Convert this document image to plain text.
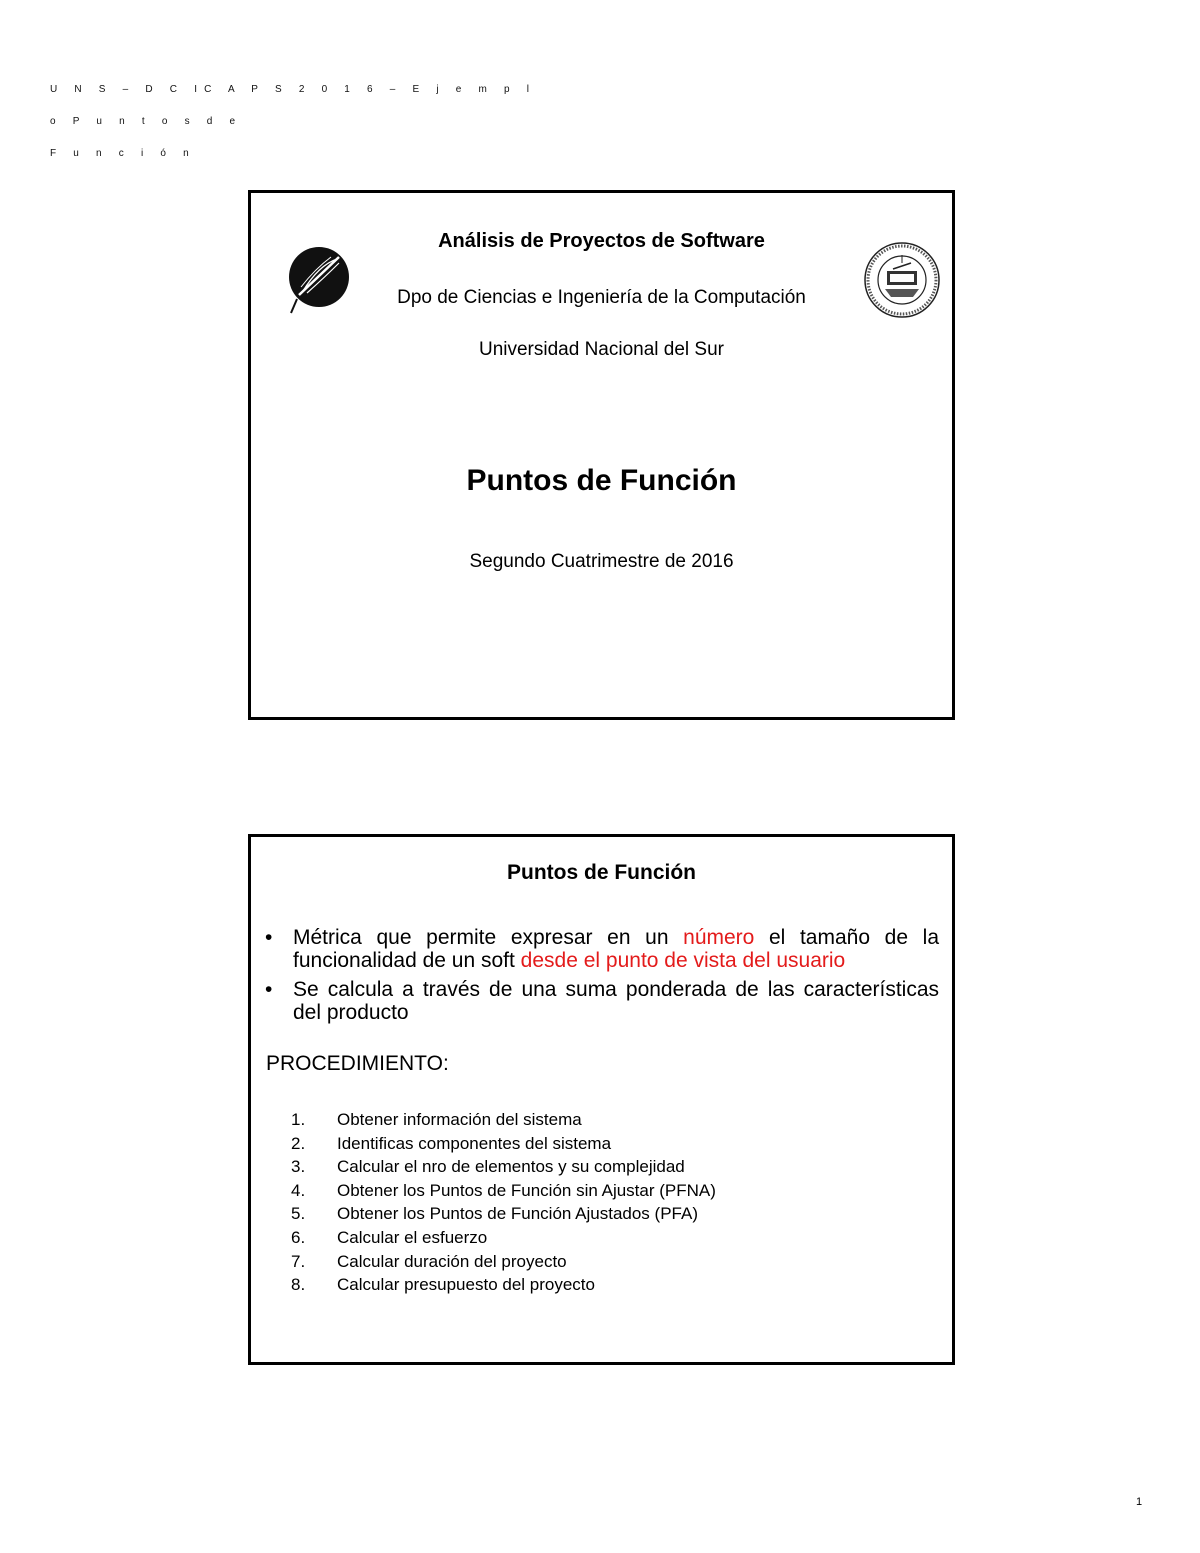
U N S – D C IC A P S 2 0 1 6 – E j e m p l o P u n t o s d e
F u n c i ó n
Análisis de Proyectos de Software
Dpo de Ciencias e Ingeniería de la Computación
Universidad Nacional del Sur
Puntos de Función
Segundo Cuatrimestre de 2016
Puntos de Función
• Métrica que permite expresar en un número el tamaño de la funcionalidad de un soft desde el punto de vista del usuario
• Se calcula a través de una suma ponderada de las características del producto
PROCEDIMIENTO:
1.	Obtener información del sistema
2.	Identificas componentes del sistema
3.	Calcular el nro de elementos y su complejidad
4.	Obtener los Puntos de Función sin Ajustar (PFNA)
5.	Obtener los Puntos de Función Ajustados (PFA)
6.	Calcular el esfuerzo
7.	Calcular duración del proyecto
8.	Calcular presupuesto del proyecto
1
